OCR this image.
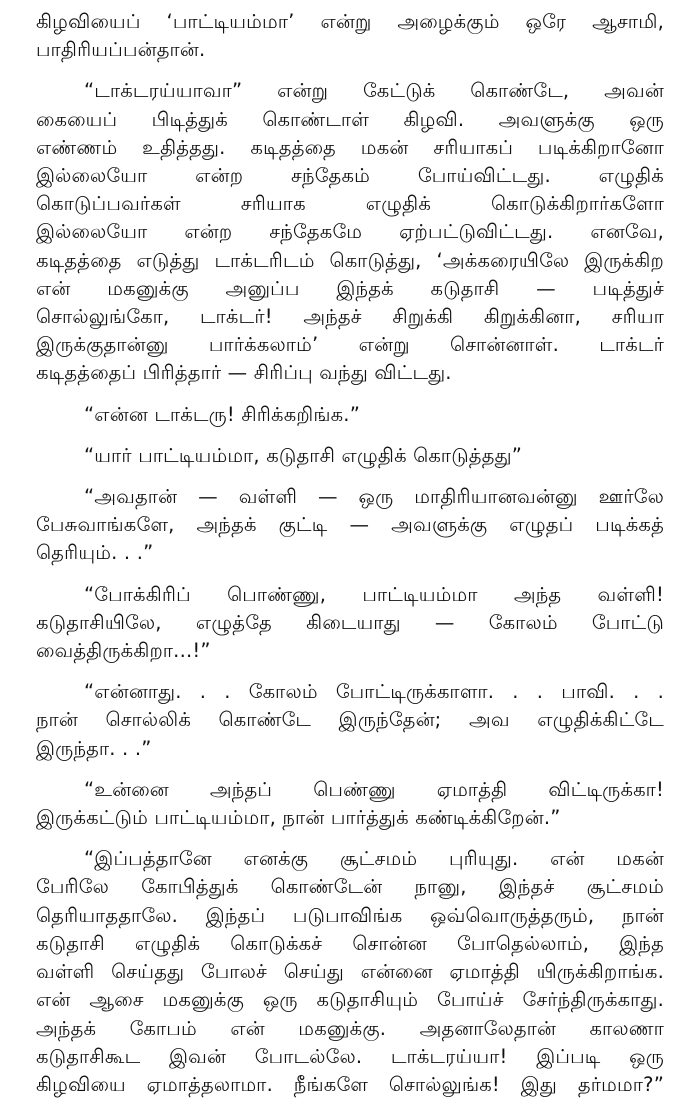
கிழவியைப் ‘பாட்டியம்மா’ என்று அழைக்கும் ஒரே ஆசாமி,
பாதிரியப்பன்தான்.
“டாக்டரய்யாவா” என்று கேட்டுக் கொண்டே, அவன்
கையைப் பிடித்துக் கொண்டாள் கிழவி. அவளுக்கு ஒரு
எண்ணம் உதித்தது. கடிதத்தை மகன் சரியாகப் படிக்கிறானோ
இல்லையோ என்ற சந்தேகம் போய்விட்டது. எழுதிக்
கொடுப்பவர்கள் சரியாக எழுதிக் கொடுக்கிறார்களோ
இல்லையோ என்ற சந்தேகமே ஏற்பட்டுவிட்டது. எனவே,
கடிதத்தை எடுத்து டாக்டரிடம் கொடுத்து, ‘அக்கரையிலே இருக்கிற
என் மகனுக்கு அனுப்ப இந்தக் கடுதாசி — படித்துச்
சொல்லுங்கோ, டாக்டர்! அந்தச் சிறுக்கி கிறுக்கினா, சரியா
இருக்குதான்னு பார்க்கலாம்’ என்று சொன்னாள். டாக்டர்
கடிதத்தைப் பிரித்தார் — சிரிப்பு வந்து விட்டது.
“என்ன டாக்டரு! சிரிக்கறிங்க.”
“யார் பாட்டியம்மா, கடுதாசி எழுதிக் கொடுத்தது”
“அவதான் — வள்ளி — ஒரு மாதிரியானவன்னு ஊர்லே
பேசுவாங்களே, அந்தக் குட்டி — அவளுக்கு எழுதப் படிக்கத்
தெரியும். . .”
“போக்கிரிப் பொண்ணு, பாட்டியம்மா அந்த வள்ளி!
கடுதாசியிலே, எழுத்தே கிடையாது — கோலம் போட்டு
வைத்திருக்கிறா...!”
“என்னாது. . . கோலம் போட்டிருக்காளா. . . பாவி. . .
நான் சொல்லிக் கொண்டே இருந்தேன்; அவ எழுதிக்கிட்டே
இருந்தா. . .”
“உன்னை அந்தப் பெண்ணு ஏமாத்தி விட்டிருக்கா!
இருக்கட்டும் பாட்டியம்மா, நான் பார்த்துக் கண்டிக்கிறேன்.”
“இப்பத்தானே எனக்கு சூட்சமம் புரியுது. என் மகன்
பேரிலே கோபித்துக் கொண்டேன் நானு, இந்தச் சூட்சமம்
தெரியாததாலே. இந்தப் படுபாவிங்க ஒவ்வொருத்தரும், நான்
கடுதாசி எழுதிக் கொடுக்கச் சொன்ன போதெல்லாம், இந்த
வள்ளி செய்தது போலச் செய்து என்னை ஏமாத்தி யிருக்கிறாங்க.
என் ஆசை மகனுக்கு ஒரு கடுதாசியும் போய்ச் சேர்ந்திருக்காது.
அந்தக் கோபம் என் மகனுக்கு. அதனாலேதான் காலணா
கடுதாசிகூட இவன் போடல்லே. டாக்டரய்யா! இப்படி ஒரு
கிழவியை ஏமாத்தலாமா. நீங்களே சொல்லுங்க! இது தர்மமா?”
